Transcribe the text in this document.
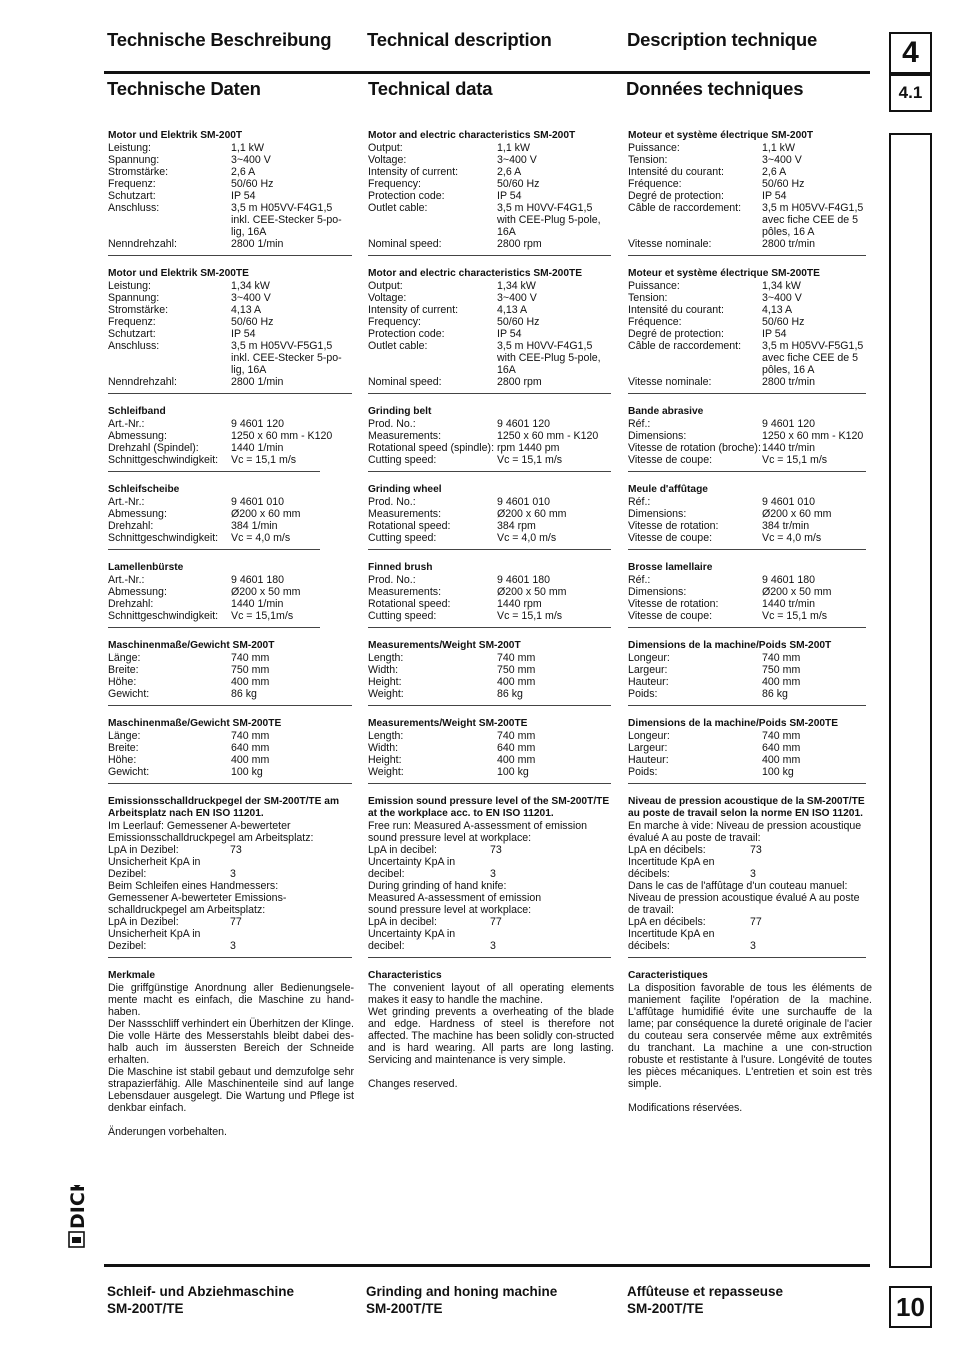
Technische Beschreibung Technical description	Description technique
Technische Daten	Technical data	Données techniques
4
4.1
10
Motor und Elektrik SM-200T
Leistung:	1,1 kW
Spannung:	3~400 V
Stromstärke:	2,6 A
Frequenz:	50/60 Hz
Schutzart:	IP 54
Anschluss:	3,5 m H05VV-F4G1,5 inkl. CEE-Stecker 5-po-lig, 16A
Nenndrehzahl:	2800 1/min
Motor und Elektrik SM-200TE
Leistung:	1,34 kW
Spannung:	3~400 V
Stromstärke:	4,13 A
Frequenz:	50/60 Hz
Schutzart:	IP 54
Anschluss:	3,5 m H05VV-F5G1,5 inkl. CEE-Stecker 5-po-lig, 16A
Nenndrehzahl:	2800 1/min
Schleifband
Art.-Nr.:	9 4601 120
Abmessung:	1250 x 60 mm - K120
Drehzahl (Spindel):	1440 1/min
Schnittgeschwindigkeit:	Vc = 15,1 m/s
Schleifscheibe
Art.-Nr.:	9 4601 010
Abmessung:	Ø200 x 60 mm
Drehzahl:	384 1/min
Schnittgeschwindigkeit:	Vc = 4,0 m/s
Lamellenbürste
Art.-Nr.:	9 4601 180
Abmessung:	Ø200 x 50 mm
Drehzahl:	1440 1/min
Schnittgeschwindigkeit:	Vc = 15,1m/s
Maschinenmaße/Gewicht SM-200T
Länge:	740 mm
Breite:	750 mm
Höhe:	400 mm
Gewicht:	86 kg
Maschinenmaße/Gewicht SM-200TE
Länge:	740 mm
Breite:	640 mm
Höhe:	400 mm
Gewicht:	100 kg
Emissionsschalldruckpegel der SM-200T/TE am Arbeitsplatz nach EN ISO 11201.
Im Leerlauf: Gemessener A-bewerteter
Emissionsschalldruckpegel am Arbeitsplatz:
LpA in Dezibel:	73
Unsicherheit KpA in
Dezibel:	3
Beim Schleifen eines Handmessers:
Gemessener A-bewerteter Emissions-
schalldruckpegel am Arbeitsplatz:
LpA in Dezibel:	77
Unsicherheit KpA in
Dezibel:	3
Merkmale
Die griffgünstige Anordnung aller Bedienungsele-mente macht es einfach, die Maschine zu hand-haben.
Der Nassschliff verhindert ein Überhitzen der Klinge. Die volle Härte des Messerstahls bleibt dabei des-halb auch im äussersten Bereich der Schneide erhalten.
Die Maschine ist stabil gebaut und demzufolge sehr strapazierfähig. Alle Maschinenteile sind auf lange Lebensdauer ausgelegt. Die Wartung und Pflege ist denkbar einfach.
Änderungen vorbehalten.
Motor and electric characteristics SM-200T
Output:	1,1 kW
Voltage:	3~400 V
Intensity of current:	2,6 A
Frequency:	50/60 Hz
Protection code:	IP 54
Outlet cable:	3,5 m H0VV-F4G1,5 with CEE-Plug 5-pole, 16A
Nominal speed:	2800 rpm
Motor and electric characteristics SM-200TE
Output:	1,34 kW
Voltage:	3~400 V
Intensity of current:	4,13 A
Frequency:	50/60 Hz
Protection code:	IP 54
Outlet cable:	3,5 m H0VV-F4G1,5 with CEE-Plug 5-pole, 16A
Nominal speed:	2800 rpm
Grinding belt
Prod. No.:	9 4601 120
Measurements:	1250 x 60 mm - K120
Rotational speed (spindle): rpm 1440 pm
Cutting speed:	Vc = 15,1 m/s
Grinding wheel
Prod. No.:	9 4601 010
Measurements:	Ø200 x 60 mm
Rotational speed:	384 rpm
Cutting speed:	Vc = 4,0 m/s
Finned brush
Prod. No.:	9 4601 180
Measurements:	Ø200 x 50 mm
Rotational speed:	1440 rpm
Cutting speed:	Vc = 15,1 m/s
Measurements/Weight SM-200T
Length:	740 mm
Width:	750 mm
Height:	400 mm
Weight:	86 kg
Measurements/Weight SM-200TE
Length:	740 mm
Width:	640 mm
Height:	400 mm
Weight:	100 kg
Emission sound pressure level of the SM-200T/TE at the workplace acc. to EN ISO 11201.
Free run: Measured A-assessment of emission
sound pressure level at workplace:
LpA in decibel:	73
Uncertainty KpA in
decibel:	3
During grinding of hand knife:
Measured A-assessment of emission
sound pressure level at workplace:
LpA in decibel:	77
Uncertainty KpA in
decibel:	3
Characteristics
The convenient layout of all operating elements makes it easy to handle the machine.
Wet grinding prevents a overheating of the blade and edge. Hardness of steel is therefore not affected. The machine has been solidly con-structed and is hard wearing. All parts are long lasting. Servicing and maintenance is very simple.
Changes reserved.
Moteur et système électrique SM-200T
Puissance:	1,1 kW
Tension:	3~400 V
Intensité du courant:	2,6 A
Fréquence:	50/60 Hz
Degré de protection:	IP 54
Câble de raccordement:	3,5 m H05VV-F4G1,5 avec fiche CEE de 5 pôles, 16 A
Vitesse nominale:	2800 tr/min
Moteur et système électrique SM-200TE
Puissance:	1,34 kW
Tension:	3~400 V
Intensité du courant:	4,13 A
Fréquence:	50/60 Hz
Degré de protection:	IP 54
Câble de raccordement:	3,5 m H05VV-F5G1,5 avec fiche CEE de 5 pôles, 16 A
Vitesse nominale:	2800 tr/min
Bande abrasive
Réf.:	9 4601 120
Dimensions:	1250 x 60 mm - K120
Vitesse de rotation (broche): 1440 tr/min
Vitesse de coupe:	Vc = 15,1 m/s
Meule d'affûtage
Réf.:	9 4601 010
Dimensions:	Ø200 x 60 mm
Vitesse de rotation:	384 tr/min
Vitesse de coupe:	Vc = 4,0 m/s
Brosse lamellaire
Réf.:	9 4601 180
Dimensions:	Ø200 x 50 mm
Vitesse de rotation:	1440 tr/min
Vitesse de coupe:	Vc = 15,1 m/s
Dimensions de la machine/Poids SM-200T
Longeur:	740 mm
Largeur:	750 mm
Hauteur:	400 mm
Poids:	86 kg
Dimensions de la machine/Poids SM-200TE
Longeur:	740 mm
Largeur:	640 mm
Hauteur:	400 mm
Poids:	100 kg
Niveau de pression acoustique de la SM-200T/TE au poste de travail selon la norme EN ISO 11201.
En marche à vide: Niveau de pression acoustique
évalué A au poste de travail:
LpA en décibels:	73
Incertitude KpA en
décibels:	3
Dans le cas de l'affûtage d'un couteau manuel:
Niveau de pression acoustique évalué A au poste
de travail:
LpA en décibels:	77
Incertitude KpA en
décibels:	3
Caracteristiques
La disposition favorable de tous les éléments de maniement façilite l'opération de la machine. L'affûtage humidifié évite une surchauffe de la lame; par conséquence la dureté originale de l'acier du couteau sera conservée même aux extrêmités du tranchant. La machine a une con-struction robuste et restistante à l'usure. Longévité de toutes les pièces mécaniques. L'entretien et soin est très simple.
Modifications réservées.
DICK
Schleif- und Abziehmaschine
SM-200T/TE
Grinding and honing machine
SM-200T/TE
Affûteuse et repasseuse
SM-200T/TE
